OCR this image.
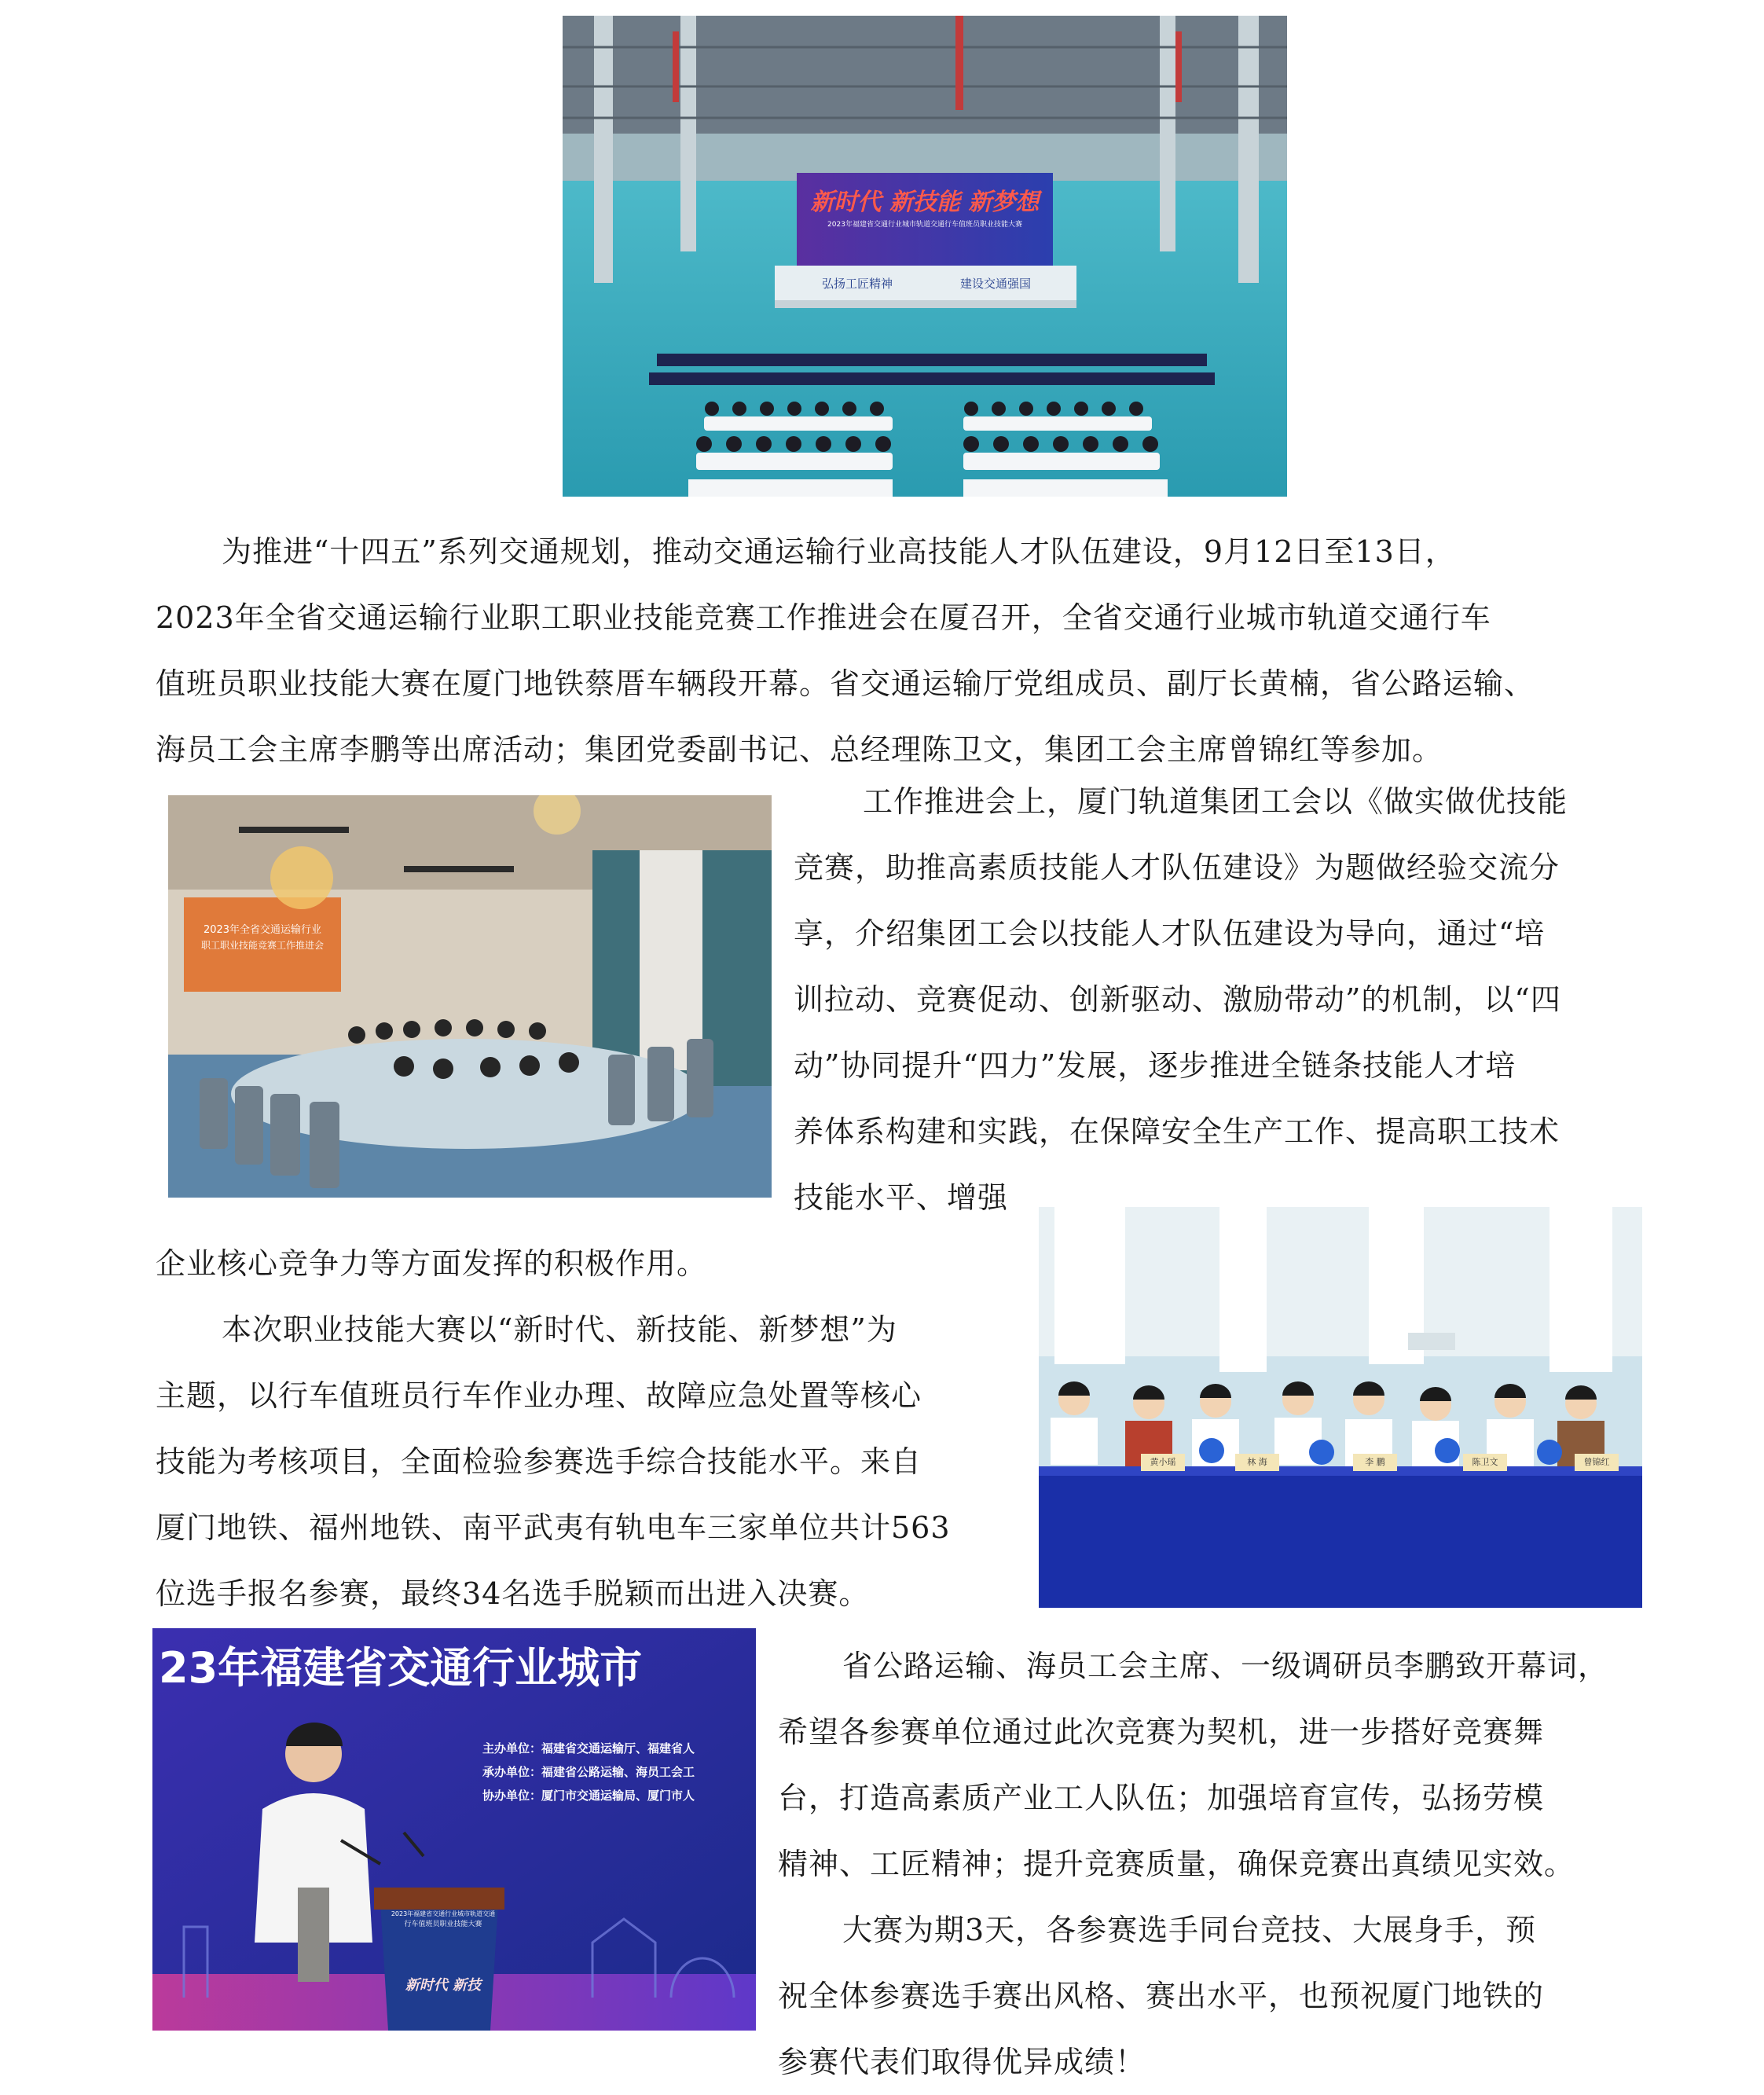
新时代 新技能 新梦想
2023年福建省交通行业城市轨道交通行车值班员职业技能大赛
弘扬工匠精神	建设交通强国
为推进“十四五”系列交通规划，推动交通运输行业高技能人才队伍建设，9月12日至13日，
2023年全省交通运输行业职工职业技能竞赛工作推进会在厦召开，全省交通行业城市轨道交通行车
值班员职业技能大赛在厦门地铁蔡厝车辆段开幕。省交通运输厅党组成员、副厅长黄楠，省公路运输、
海员工会主席李鹏等出席活动；集团党委副书记、总经理陈卫文，集团工会主席曾锦红等参加。
2023年全省交通运输行业
职工职业技能竞赛工作推进会
工作推进会上，厦门轨道集团工会以《做实做优技能
竞赛，助推高素质技能人才队伍建设》为题做经验交流分
享，介绍集团工会以技能人才队伍建设为导向，通过“培
训拉动、竞赛促动、创新驱动、激励带动”的机制，以“四
动”协同提升“四力”发展，逐步推进全链条技能人才培
养体系构建和实践，在保障安全生产工作、提高职工技术
技能水平、增强
企业核心竞争力等方面发挥的积极作用。
黄小瑶	林 海	李 鹏	陈卫文	曾锦红
本次职业技能大赛以“新时代、新技能、新梦想”为
主题，以行车值班员行车作业办理、故障应急处置等核心
技能为考核项目，全面检验参赛选手综合技能水平。来自
厦门地铁、福州地铁、南平武夷有轨电车三家单位共计563
位选手报名参赛，最终34名选手脱颖而出进入决赛。
23年福建省交通行业城市
主办单位：福建省交通运输厅、福建省人
承办单位：福建省公路运输、海员工会工
协办单位：厦门市交通运输局、厦门市人
2023年福建省交通行业城市轨道交通
行车值班员职业技能大赛
新时代 新技
省公路运输、海员工会主席、一级调研员李鹏致开幕词，
希望各参赛单位通过此次竞赛为契机，进一步搭好竞赛舞
台，打造高素质产业工人队伍；加强培育宣传，弘扬劳模
精神、工匠精神；提升竞赛质量，确保竞赛出真绩见实效。
大赛为期3天，各参赛选手同台竞技、大展身手，预
祝全体参赛选手赛出风格、赛出水平，也预祝厦门地铁的
参赛代表们取得优异成绩！
